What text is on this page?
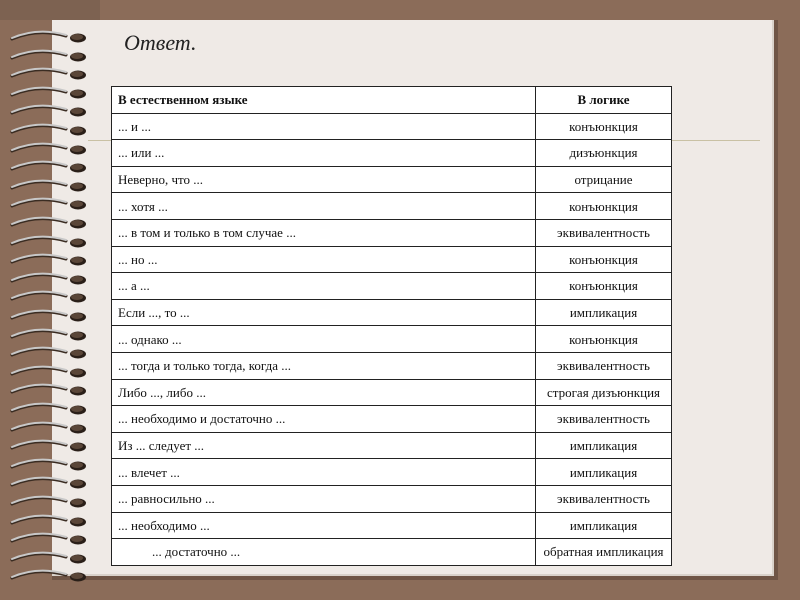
Ответ.
В естественном языке	В логике
... и ...	конъюнкция
... или ...	дизъюнкция
Неверно, что ...	отрицание
... хотя ...	конъюнкция
... в том и только в том случае ...	эквивалентность
... но ...	конъюнкция
... а ...	конъюнкция
Если ..., то ...	импликация
... однако ...	конъюнкция
... тогда и только тогда, когда ...	эквивалентность
Либо ..., либо ...	строгая дизъюнкция
... необходимо и достаточно ...	эквивалентность
Из ... следует ...	импликация
... влечет ...	импликация
... равносильно ...	эквивалентность
... необходимо ...	импликация
... достаточно ...	обратная импликация
